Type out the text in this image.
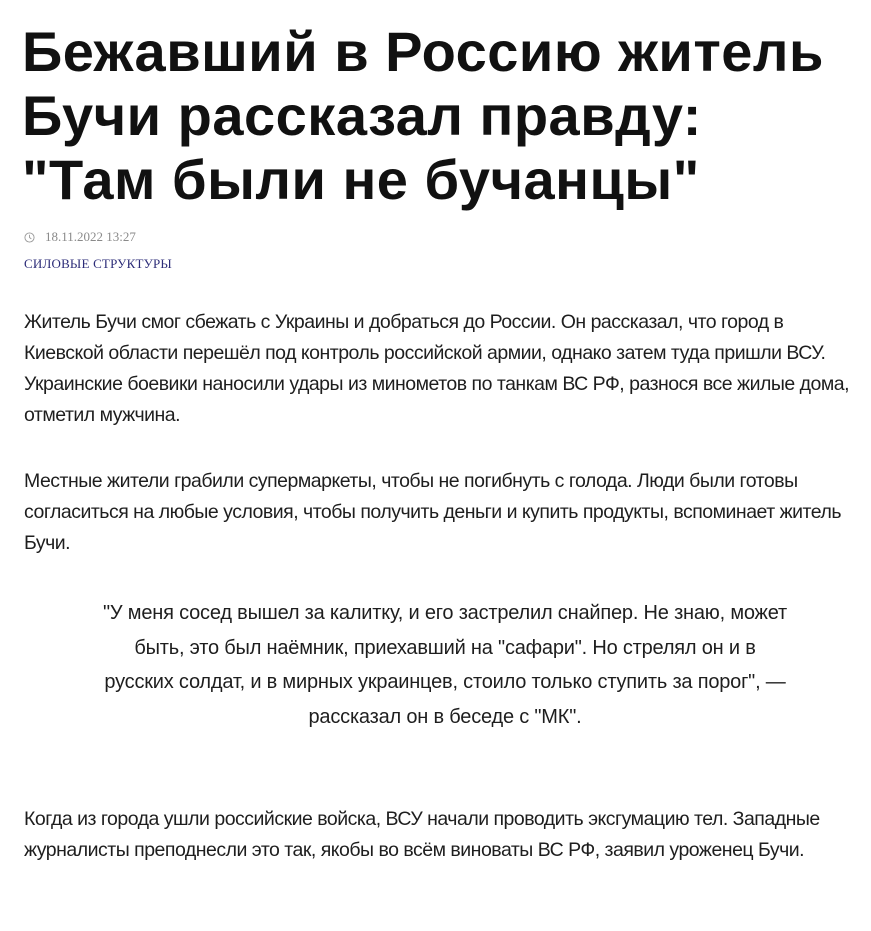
Бежавший в Россию житель
Бучи рассказал правду:
"Там были не бучанцы"
18.11.2022 13:27
СИЛОВЫЕ СТРУКТУРЫ

Житель Бучи смог сбежать с Украины и добраться до России. Он рассказал, что город в Киевской области перешёл под контроль российской армии, однако затем туда пришли ВСУ. Украинские боевики наносили удары из минометов по танкам ВС РФ, разнося все жилые дома, отметил мужчина.

Местные жители грабили супермаркеты, чтобы не погибнуть с голода. Люди были готовы согласиться на любые условия, чтобы получить деньги и купить продукты, вспоминает житель Бучи.

"У меня сосед вышел за калитку, и его застрелил снайпер. Не знаю, может быть, это был наёмник, приехавший на "сафари". Но стрелял он и в русских солдат, и в мирных украинцев, стоило только ступить за порог", — рассказал он в беседе с "МК".

Когда из города ушли российские войска, ВСУ начали проводить эксгумацию тел. Западные журналисты преподнесли это так, якобы во всём виноваты ВС РФ, заявил уроженец Бучи.
